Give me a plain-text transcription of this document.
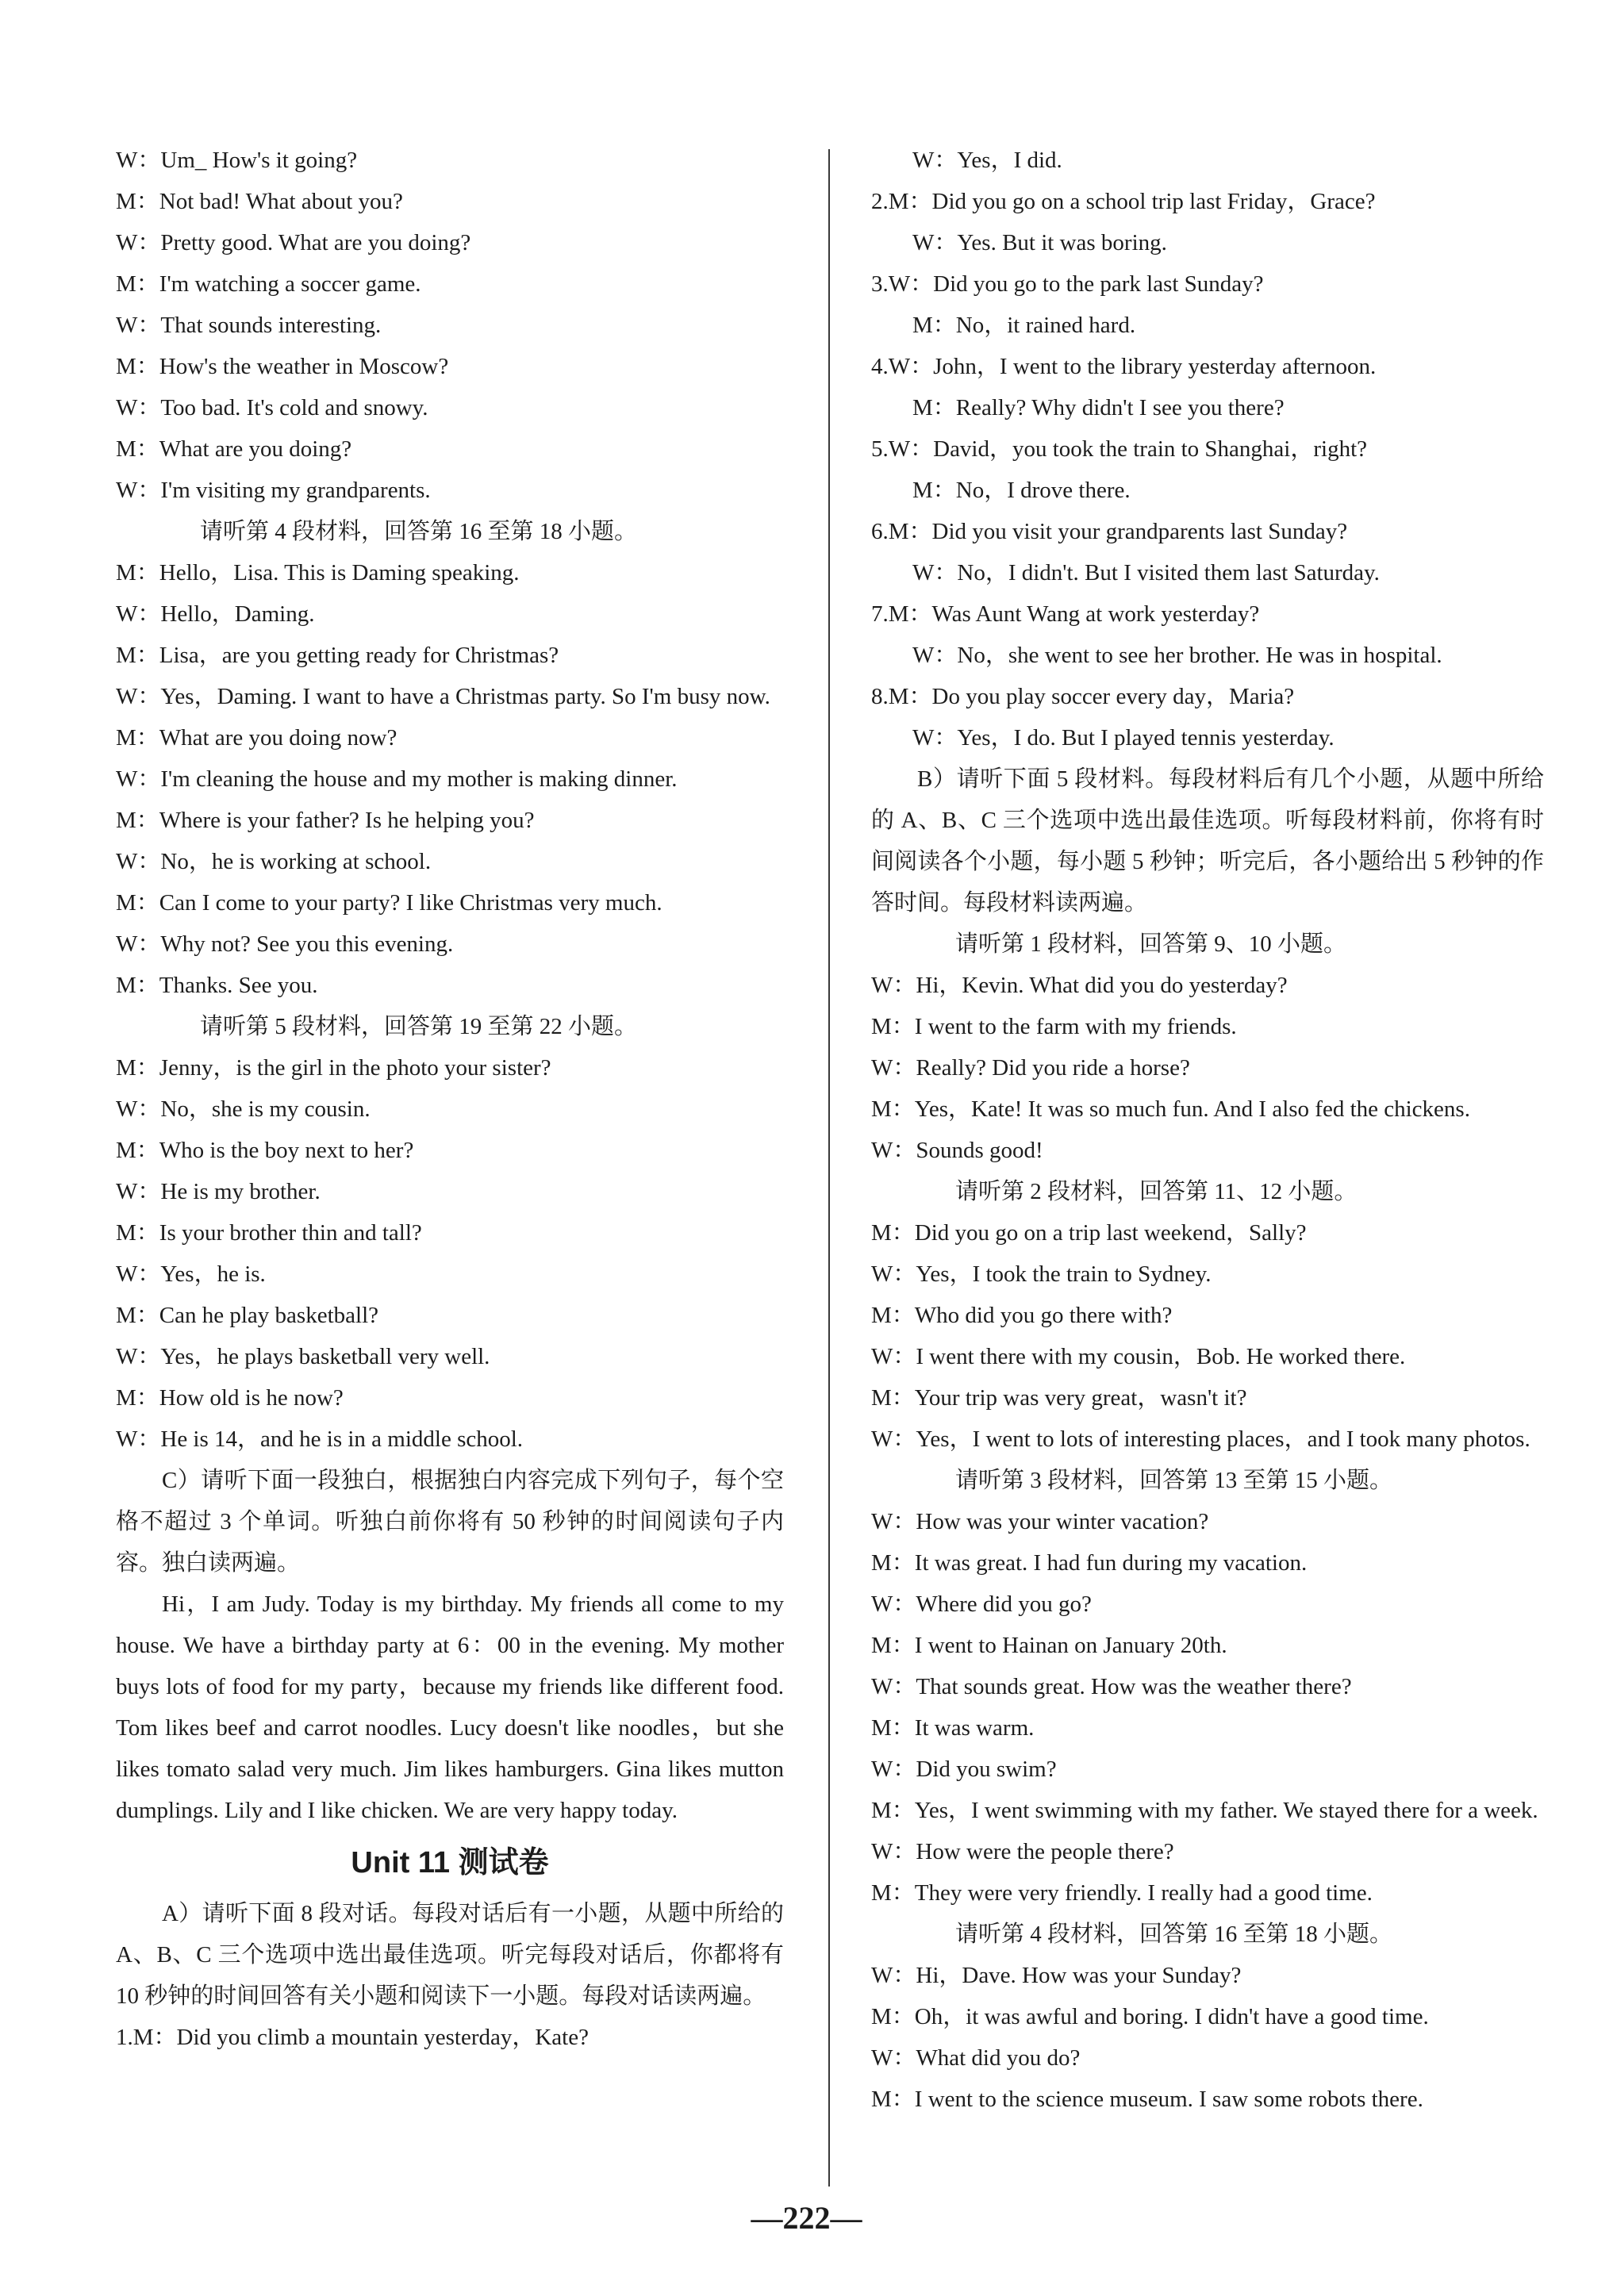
W：Um_ How's it going?
M：Not bad! What about you?
W：Pretty good. What are you doing?
M：I'm watching a soccer game.
W：That sounds interesting.
M：How's the weather in Moscow?
W：Too bad. It's cold and snowy.
M：What are you doing?
W：I'm visiting my grandparents.
请听第 4 段材料，回答第 16 至第 18 小题。
M：Hello，Lisa. This is Daming speaking.
W：Hello，Daming.
M：Lisa，are you getting ready for Christmas?
W：Yes，Daming. I want to have a Christmas party. So I'm busy now.
M：What are you doing now?
W：I'm cleaning the house and my mother is making dinner.
M：Where is your father? Is he helping you?
W：No，he is working at school.
M：Can I come to your party? I like Christmas very much.
W：Why not? See you this evening.
M：Thanks. See you.
请听第 5 段材料，回答第 19 至第 22 小题。
M：Jenny，is the girl in the photo your sister?
W：No，she is my cousin.
M：Who is the boy next to her?
W：He is my brother.
M：Is your brother thin and tall?
W：Yes，he is.
M：Can he play basketball?
W：Yes，he plays basketball very well.
M：How old is he now?
W：He is 14，and he is in a middle school.
C）请听下面一段独白，根据独白内容完成下列句子，每个空格不超过 3 个单词。听独白前你将有 50 秒钟的时间阅读句子内容。独白读两遍。
Hi，I am Judy. Today is my birthday. My friends all come to my house. We have a birthday party at 6：00 in the evening. My mother buys lots of food for my party，because my friends like different food. Tom likes beef and carrot noodles. Lucy doesn't like noodles，but she likes tomato salad very much. Jim likes hamburgers. Gina likes mutton dumplings. Lily and I like chicken. We are very happy today.
Unit 11 测试卷
A）请听下面 8 段对话。每段对话后有一小题，从题中所给的 A、B、C 三个选项中选出最佳选项。听完每段对话后，你都将有 10 秒钟的时间回答有关小题和阅读下一小题。每段对话读两遍。
1.M：Did you climb a mountain yesterday，Kate?
W：Yes，I did.
2.M：Did you go on a school trip last Friday，Grace?
W：Yes. But it was boring.
3.W：Did you go to the park last Sunday?
M：No，it rained hard.
4.W：John，I went to the library yesterday afternoon.
M：Really? Why didn't I see you there?
5.W：David，you took the train to Shanghai，right?
M：No，I drove there.
6.M：Did you visit your grandparents last Sunday?
W：No，I didn't. But I visited them last Saturday.
7.M：Was Aunt Wang at work yesterday?
W：No，she went to see her brother. He was in hospital.
8.M：Do you play soccer every day，Maria?
W：Yes，I do. But I played tennis yesterday.
B）请听下面 5 段材料。每段材料后有几个小题，从题中所给的 A、B、C 三个选项中选出最佳选项。听每段材料前，你将有时间阅读各个小题，每小题 5 秒钟；听完后，各小题给出 5 秒钟的作答时间。每段材料读两遍。
请听第 1 段材料，回答第 9、10 小题。
W：Hi，Kevin. What did you do yesterday?
M：I went to the farm with my friends.
W：Really? Did you ride a horse?
M：Yes，Kate! It was so much fun. And I also fed the chickens.
W：Sounds good!
请听第 2 段材料，回答第 11、12 小题。
M：Did you go on a trip last weekend，Sally?
W：Yes，I took the train to Sydney.
M：Who did you go there with?
W：I went there with my cousin，Bob. He worked there.
M：Your trip was very great，wasn't it?
W：Yes，I went to lots of interesting places，and I took many photos.
请听第 3 段材料，回答第 13 至第 15 小题。
W：How was your winter vacation?
M：It was great. I had fun during my vacation.
W：Where did you go?
M：I went to Hainan on January 20th.
W：That sounds great. How was the weather there?
M：It was warm.
W：Did you swim?
M：Yes，I went swimming with my father. We stayed there for a week.
W：How were the people there?
M：They were very friendly. I really had a good time.
请听第 4 段材料，回答第 16 至第 18 小题。
W：Hi，Dave. How was your Sunday?
M：Oh，it was awful and boring. I didn't have a good time.
W：What did you do?
M：I went to the science museum. I saw some robots there.
—222—
